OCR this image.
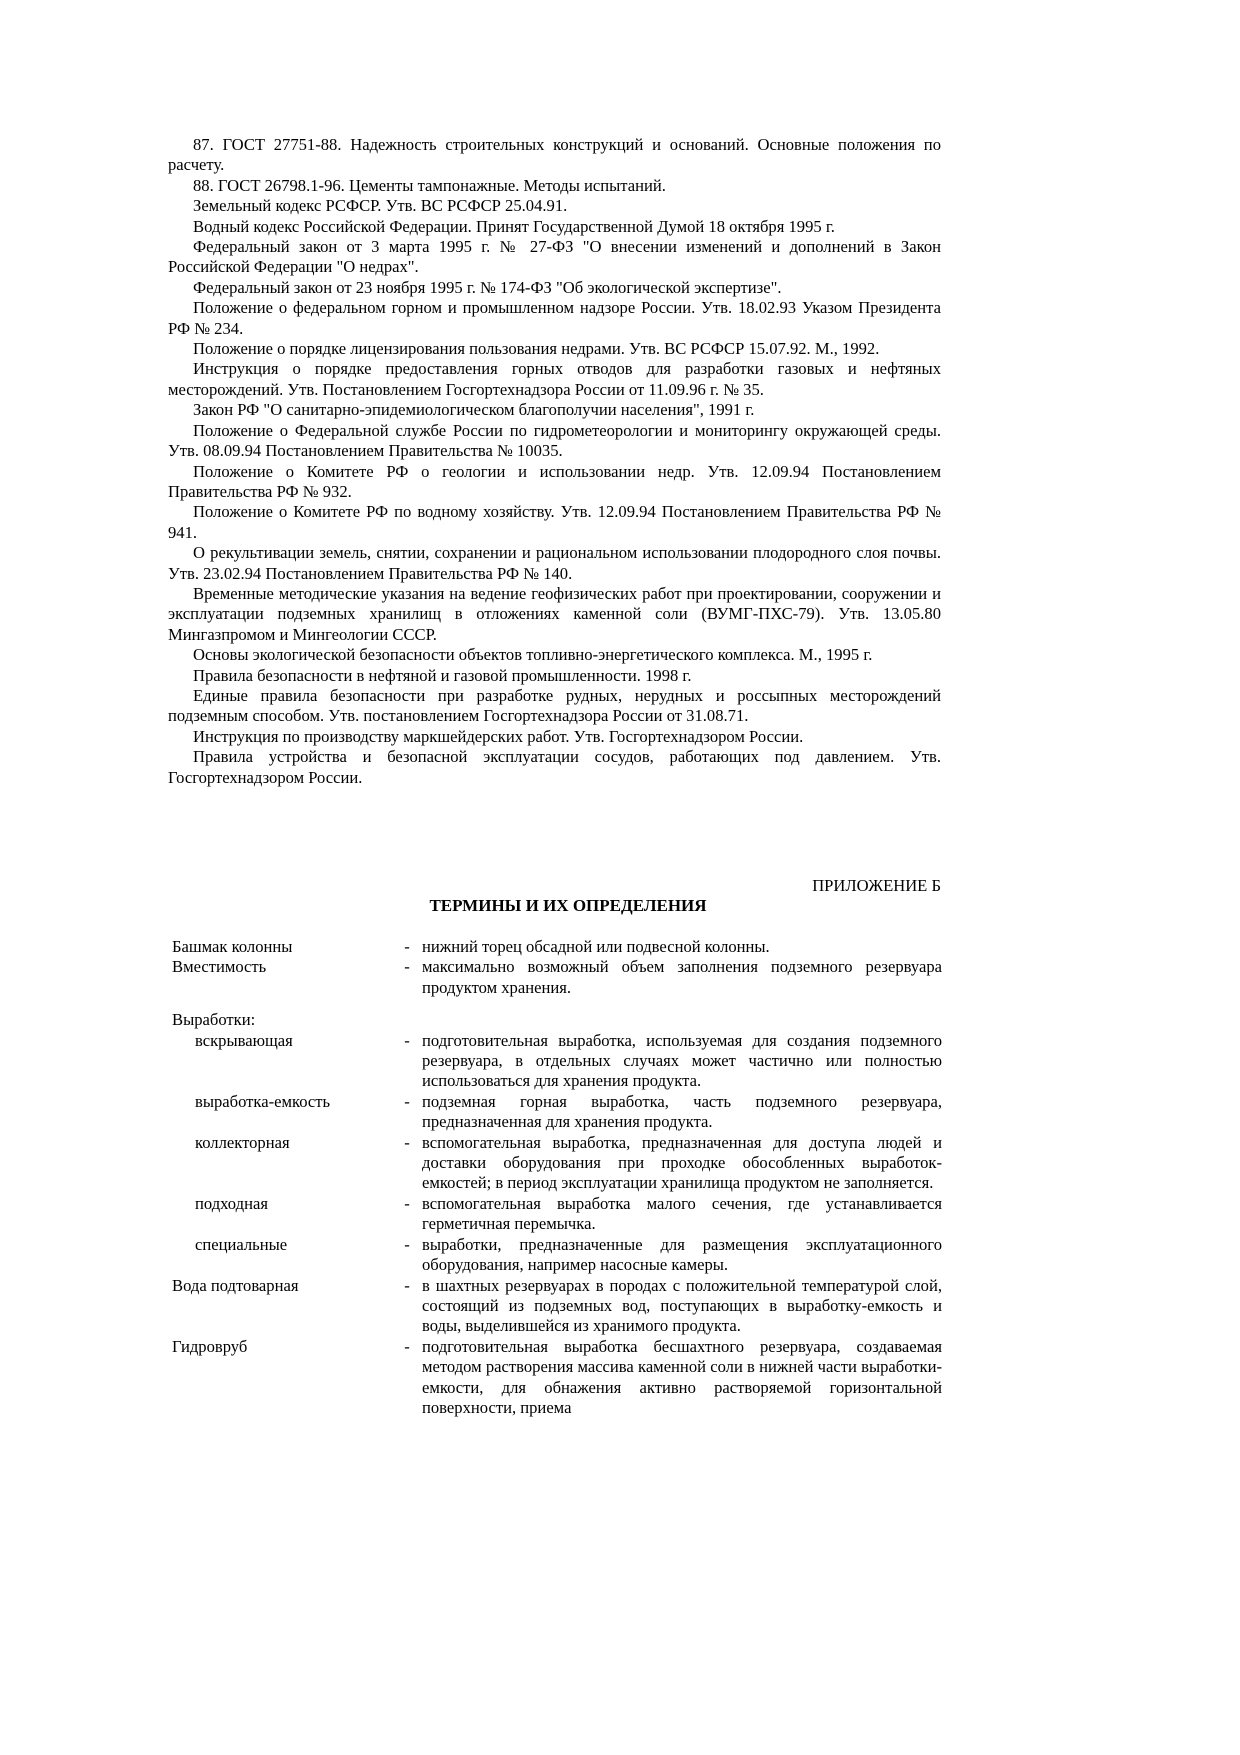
87. ГОСТ 27751-88. Надежность строительных конструкций и оснований. Основные положения по расчету.

88. ГОСТ 26798.1-96. Цементы тампонажные. Методы испытаний.

Земельный кодекс РСФСР. Утв. ВС РСФСР 25.04.91.

Водный кодекс Российской Федерации. Принят Государственной Думой 18 октября 1995 г.

Федеральный закон от 3 марта 1995 г. № 27-ФЗ "О внесении изменений и дополнений в Закон Российской Федерации "О недрах".

Федеральный закон от 23 ноября 1995 г. № 174-ФЗ "Об экологической экспертизе".

Положение о федеральном горном и промышленном надзоре России. Утв. 18.02.93 Указом Президента РФ № 234.

Положение о порядке лицензирования пользования недрами. Утв. ВС РСФСР 15.07.92. М., 1992.

Инструкция о порядке предоставления горных отводов для разработки газовых и нефтяных месторождений. Утв. Постановлением Госгортехнадзора России от 11.09.96 г. № 35.

Закон РФ "О санитарно-эпидемиологическом благополучии населения", 1991 г.

Положение о Федеральной службе России по гидрометеорологии и мониторингу окружающей среды. Утв. 08.09.94 Постановлением Правительства № 10035.

Положение о Комитете РФ о геологии и использовании недр. Утв. 12.09.94 Постановлением Правительства РФ № 932.

Положение о Комитете РФ по водному хозяйству. Утв. 12.09.94 Постановлением Правительства РФ № 941.

О рекультивации земель, снятии, сохранении и рациональном использовании плодородного слоя почвы. Утв. 23.02.94 Постановлением Правительства РФ № 140.

Временные методические указания на ведение геофизических работ при проектировании, сооружении и эксплуатации подземных хранилищ в отложениях каменной соли (ВУМГ-ПХС-79). Утв. 13.05.80 Мингазпромом и Мингеологии СССР.

Основы экологической безопасности объектов топливно-энергетического комплекса. М., 1995 г.

Правила безопасности в нефтяной и газовой промышленности. 1998 г.

Единые правила безопасности при разработке рудных, нерудных и россыпных месторождений подземным способом. Утв. постановлением Госгортехнадзора России от 31.08.71.

Инструкция по производству маркшейдерских работ. Утв. Госгортехнадзором России.

Правила устройства и безопасной эксплуатации сосудов, работающих под давлением. Утв. Госгортехнадзором России.

ПРИЛОЖЕНИЕ Б

ТЕРМИНЫ И ИХ ОПРЕДЕЛЕНИЯ

Башмак колонны	- нижний торец обсадной или подвесной колонны.
Вместимость	- максимально возможный объем заполнения подземного резервуара продуктом хранения.
Выработки:
вскрывающая	- подготовительная выработка, используемая для создания подземного резервуара, в отдельных случаях может частично или полностью использоваться для хранения продукта.
выработка-емкость	- подземная горная выработка, часть подземного резервуара, предназначенная для хранения продукта.
коллекторная	- вспомогательная выработка, предназначенная для доступа людей и доставки оборудования при проходке обособленных выработок-емкостей; в период эксплуатации хранилища продуктом не заполняется.
подходная	- вспомогательная выработка малого сечения, где устанавливается герметичная перемычка.
специальные	- выработки, предназначенные для размещения эксплуатационного оборудования, например насосные камеры.
Вода подтоварная	- в шахтных резервуарах в породах с положительной температурой слой, состоящий из подземных вод, поступающих в выработку-емкость и воды, выделившейся из хранимого продукта.
Гидровруб	- подготовительная выработка бесшахтного резервуара, создаваемая методом растворения массива каменной соли в нижней части выработки-емкости, для обнажения активно растворяемой горизонтальной поверхности, приема
